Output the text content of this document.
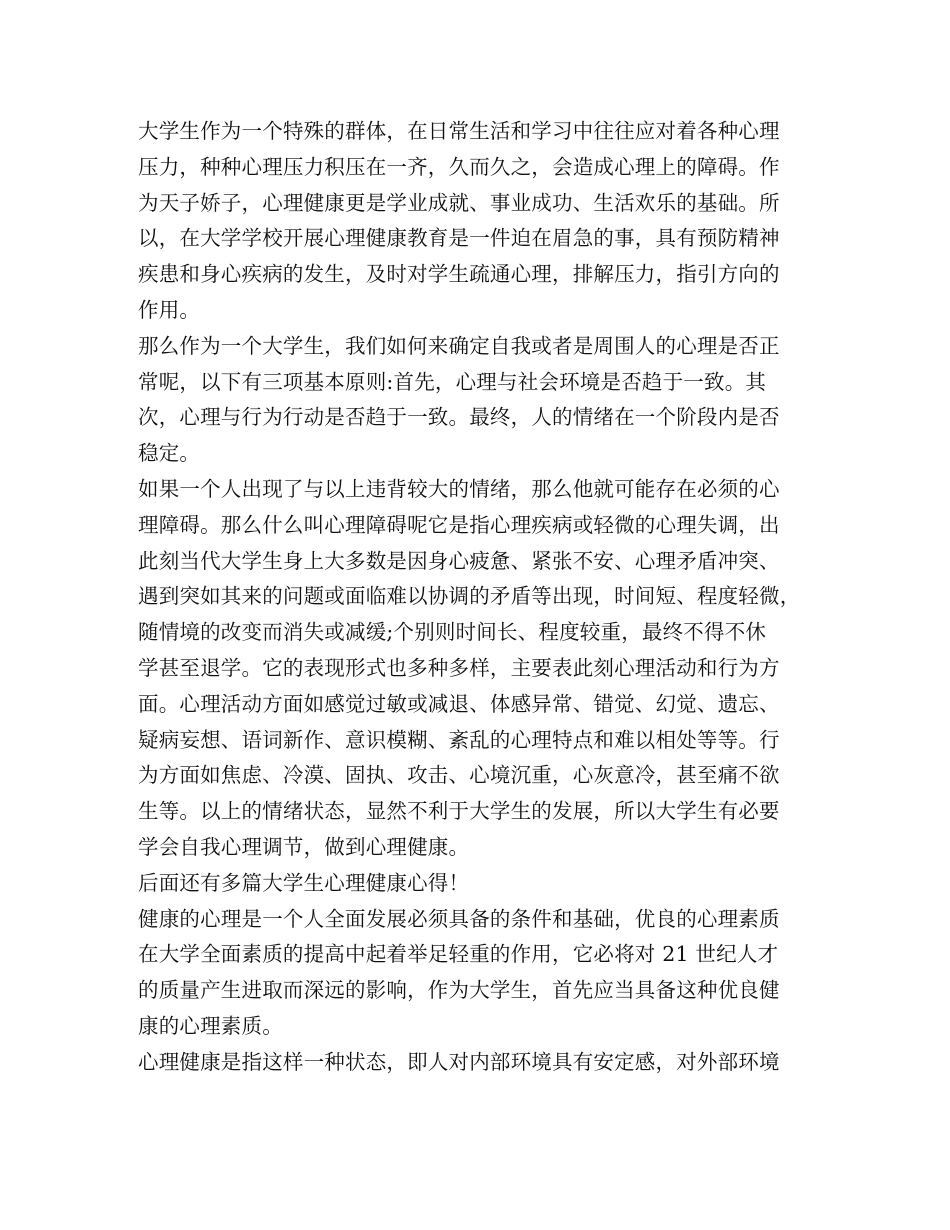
大学生作为一个特殊的群体，在日常生活和学习中往往应对着各种心理
压力，种种心理压力积压在一齐，久而久之，会造成心理上的障碍。作
为天子娇子，心理健康更是学业成就、事业成功、生活欢乐的基础。所
以，在大学学校开展心理健康教育是一件迫在眉急的事，具有预防精神
疾患和身心疾病的发生，及时对学生疏通心理，排解压力，指引方向的
作用。
那么作为一个大学生，我们如何来确定自我或者是周围人的心理是否正
常呢，以下有三项基本原则:首先，心理与社会环境是否趋于一致。其
次，心理与行为行动是否趋于一致。最终，人的情绪在一个阶段内是否
稳定。
如果一个人出现了与以上违背较大的情绪，那么他就可能存在必须的心
理障碍。那么什么叫心理障碍呢它是指心理疾病或轻微的心理失调，出
此刻当代大学生身上大多数是因身心疲惫、紧张不安、心理矛盾冲突、
遇到突如其来的问题或面临难以协调的矛盾等出现，时间短、程度轻微，
随情境的改变而消失或减缓;个别则时间长、程度较重，最终不得不休
学甚至退学。它的表现形式也多种多样，主要表此刻心理活动和行为方
面。心理活动方面如感觉过敏或减退、体感异常、错觉、幻觉、遗忘、
疑病妄想、语词新作、意识模糊、紊乱的心理特点和难以相处等等。行
为方面如焦虑、冷漠、固执、攻击、心境沉重，心灰意冷，甚至痛不欲
生等。以上的情绪状态，显然不利于大学生的发展，所以大学生有必要
学会自我心理调节，做到心理健康。
后面还有多篇大学生心理健康心得！
健康的心理是一个人全面发展必须具备的条件和基础，优良的心理素质
在大学全面素质的提高中起着举足轻重的作用，它必将对 21 世纪人才
的质量产生进取而深远的影响，作为大学生，首先应当具备这种优良健
康的心理素质。
心理健康是指这样一种状态，即人对内部环境具有安定感，对外部环境
